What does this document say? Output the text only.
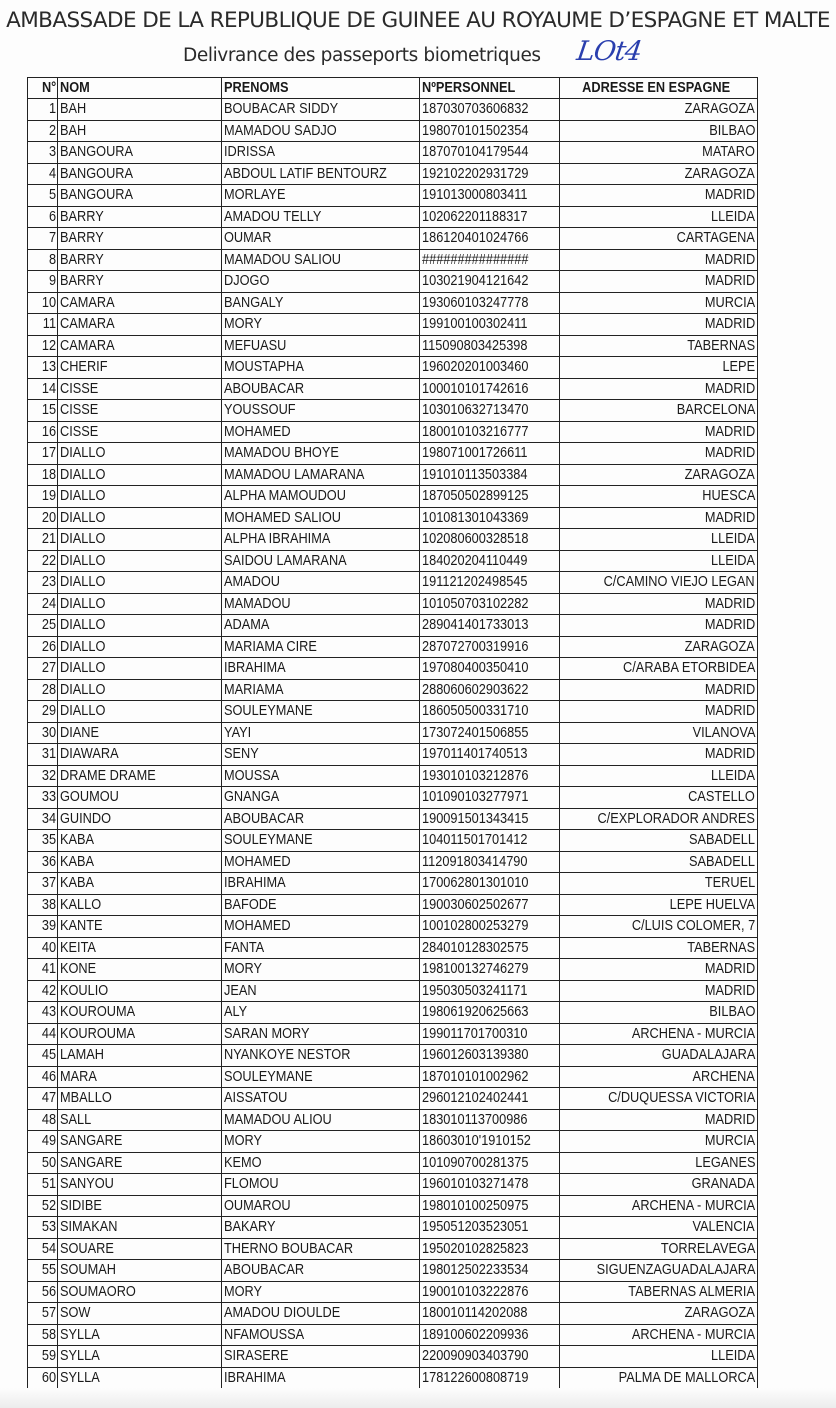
AMBASSADE DE LA REPUBLIQUE DE GUINEE AU ROYAUME D’ESPAGNE ET MALTE
Delivrance des passeports biometriques LOt4
N°	NOM	PRENOMS	NºPERSONNEL	ADRESSE EN ESPAGNE
1	BAH	BOUBACAR SIDDY	187030703606832	ZARAGOZA
2	BAH	MAMADOU SADJO	198070101502354	BILBAO
3	BANGOURA	IDRISSA	187070104179544	MATARO
4	BANGOURA	ABDOUL LATIF BENTOURZ	192102202931729	ZARAGOZA
5	BANGOURA	MORLAYE	191013000803411	MADRID
6	BARRY	AMADOU TELLY	102062201188317	LLEIDA
7	BARRY	OUMAR	186120401024766	CARTAGENA
8	BARRY	MAMADOU SALIOU	###############	MADRID
9	BARRY	DJOGO	103021904121642	MADRID
10	CAMARA	BANGALY	193060103247778	MURCIA
11	CAMARA	MORY	199100100302411	MADRID
12	CAMARA	MEFUASU	115090803425398	TABERNAS
13	CHERIF	MOUSTAPHA	196020201003460	LEPE
14	CISSE	ABOUBACAR	100010101742616	MADRID
15	CISSE	YOUSSOUF	103010632713470	BARCELONA
16	CISSE	MOHAMED	180010103216777	MADRID
17	DIALLO	MAMADOU BHOYE	198071001726611	MADRID
18	DIALLO	MAMADOU LAMARANA	191010113503384	ZARAGOZA
19	DIALLO	ALPHA MAMOUDOU	187050502899125	HUESCA
20	DIALLO	MOHAMED SALIOU	101081301043369	MADRID
21	DIALLO	ALPHA IBRAHIMA	102080600328518	LLEIDA
22	DIALLO	SAIDOU LAMARANA	184020204110449	LLEIDA
23	DIALLO	AMADOU	191121202498545	C/CAMINO VIEJO LEGAN
24	DIALLO	MAMADOU	101050703102282	MADRID
25	DIALLO	ADAMA	289041401733013	MADRID
26	DIALLO	MARIAMA CIRE	287072700319916	ZARAGOZA
27	DIALLO	IBRAHIMA	197080400350410	C/ARABA ETORBIDEA
28	DIALLO	MARIAMA	288060602903622	MADRID
29	DIALLO	SOULEYMANE	186050500331710	MADRID
30	DIANE	YAYI	173072401506855	VILANOVA
31	DIAWARA	SENY	197011401740513	MADRID
32	DRAME DRAME	MOUSSA	193010103212876	LLEIDA
33	GOUMOU	GNANGA	101090103277971	CASTELLO
34	GUINDO	ABOUBACAR	190091501343415	C/EXPLORADOR ANDRES
35	KABA	SOULEYMANE	104011501701412	SABADELL
36	KABA	MOHAMED	112091803414790	SABADELL
37	KABA	IBRAHIMA	170062801301010	TERUEL
38	KALLO	BAFODE	190030602502677	LEPE HUELVA
39	KANTE	MOHAMED	100102800253279	C/LUIS COLOMER, 7
40	KEITA	FANTA	284010128302575	TABERNAS
41	KONE	MORY	198100132746279	MADRID
42	KOULIO	JEAN	195030503241171	MADRID
43	KOUROUMA	ALY	198061920625663	BILBAO
44	KOUROUMA	SARAN MORY	199011701700310	ARCHENA - MURCIA
45	LAMAH	NYANKOYE NESTOR	196012603139380	GUADALAJARA
46	MARA	SOULEYMANE	187010101002962	ARCHENA
47	MBALLO	AISSATOU	296012102402441	C/DUQUESSA VICTORIA
48	SALL	MAMADOU ALIOU	183010113700986	MADRID
49	SANGARE	MORY	18603010'1910152	MURCIA
50	SANGARE	KEMO	101090700281375	LEGANES
51	SANYOU	FLOMOU	196010103271478	GRANADA
52	SIDIBE	OUMAROU	198010100250975	ARCHENA - MURCIA
53	SIMAKAN	BAKARY	195051203523051	VALENCIA
54	SOUARE	THERNO BOUBACAR	195020102825823	TORRELAVEGA
55	SOUMAH	ABOUBACAR	198012502233534	SIGUENZAGUADALAJARA
56	SOUMAORO	MORY	190010103222876	TABERNAS ALMERIA
57	SOW	AMADOU DIOULDE	180010114202088	ZARAGOZA
58	SYLLA	NFAMOUSSA	189100602209936	ARCHENA - MURCIA
59	SYLLA	SIRASERE	220090903403790	LLEIDA
60	SYLLA	IBRAHIMA	178122600808719	PALMA DE MALLORCA
